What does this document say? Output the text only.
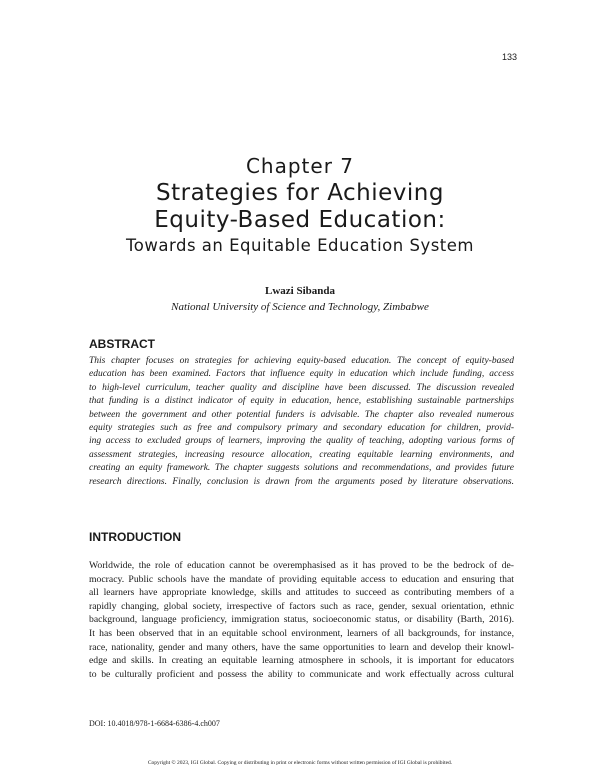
133
Chapter 7
Strategies for Achieving
Equity-Based Education:
Towards an Equitable Education System
Lwazi Sibanda
National University of Science and Technology, Zimbabwe
ABSTRACT
This chapter focuses on strategies for achieving equity-based education. The concept of equity-based
education has been examined. Factors that influence equity in education which include funding, access
to high-level curriculum, teacher quality and discipline have been discussed. The discussion revealed
that funding is a distinct indicator of equity in education, hence, establishing sustainable partnerships
between the government and other potential funders is advisable. The chapter also revealed numerous
equity strategies such as free and compulsory primary and secondary education for children, provid-
ing access to excluded groups of learners, improving the quality of teaching, adopting various forms of
assessment strategies, increasing resource allocation, creating equitable learning environments, and
creating an equity framework. The chapter suggests solutions and recommendations, and provides future
research directions. Finally, conclusion is drawn from the arguments posed by literature observations.
INTRODUCTION
Worldwide, the role of education cannot be overemphasised as it has proved to be the bedrock of de-
mocracy. Public schools have the mandate of providing equitable access to education and ensuring that
all learners have appropriate knowledge, skills and attitudes to succeed as contributing members of a
rapidly changing, global society, irrespective of factors such as race, gender, sexual orientation, ethnic
background, language proficiency, immigration status, socioeconomic status, or disability (Barth, 2016).
It has been observed that in an equitable school environment, learners of all backgrounds, for instance,
race, nationality, gender and many others, have the same opportunities to learn and develop their knowl-
edge and skills. In creating an equitable learning atmosphere in schools, it is important for educators
to be culturally proficient and possess the ability to communicate and work effectually across cultural
DOI: 10.4018/978-1-6684-6386-4.ch007
Copyright © 2023, IGI Global. Copying or distributing in print or electronic forms without written permission of IGI Global is prohibited.
